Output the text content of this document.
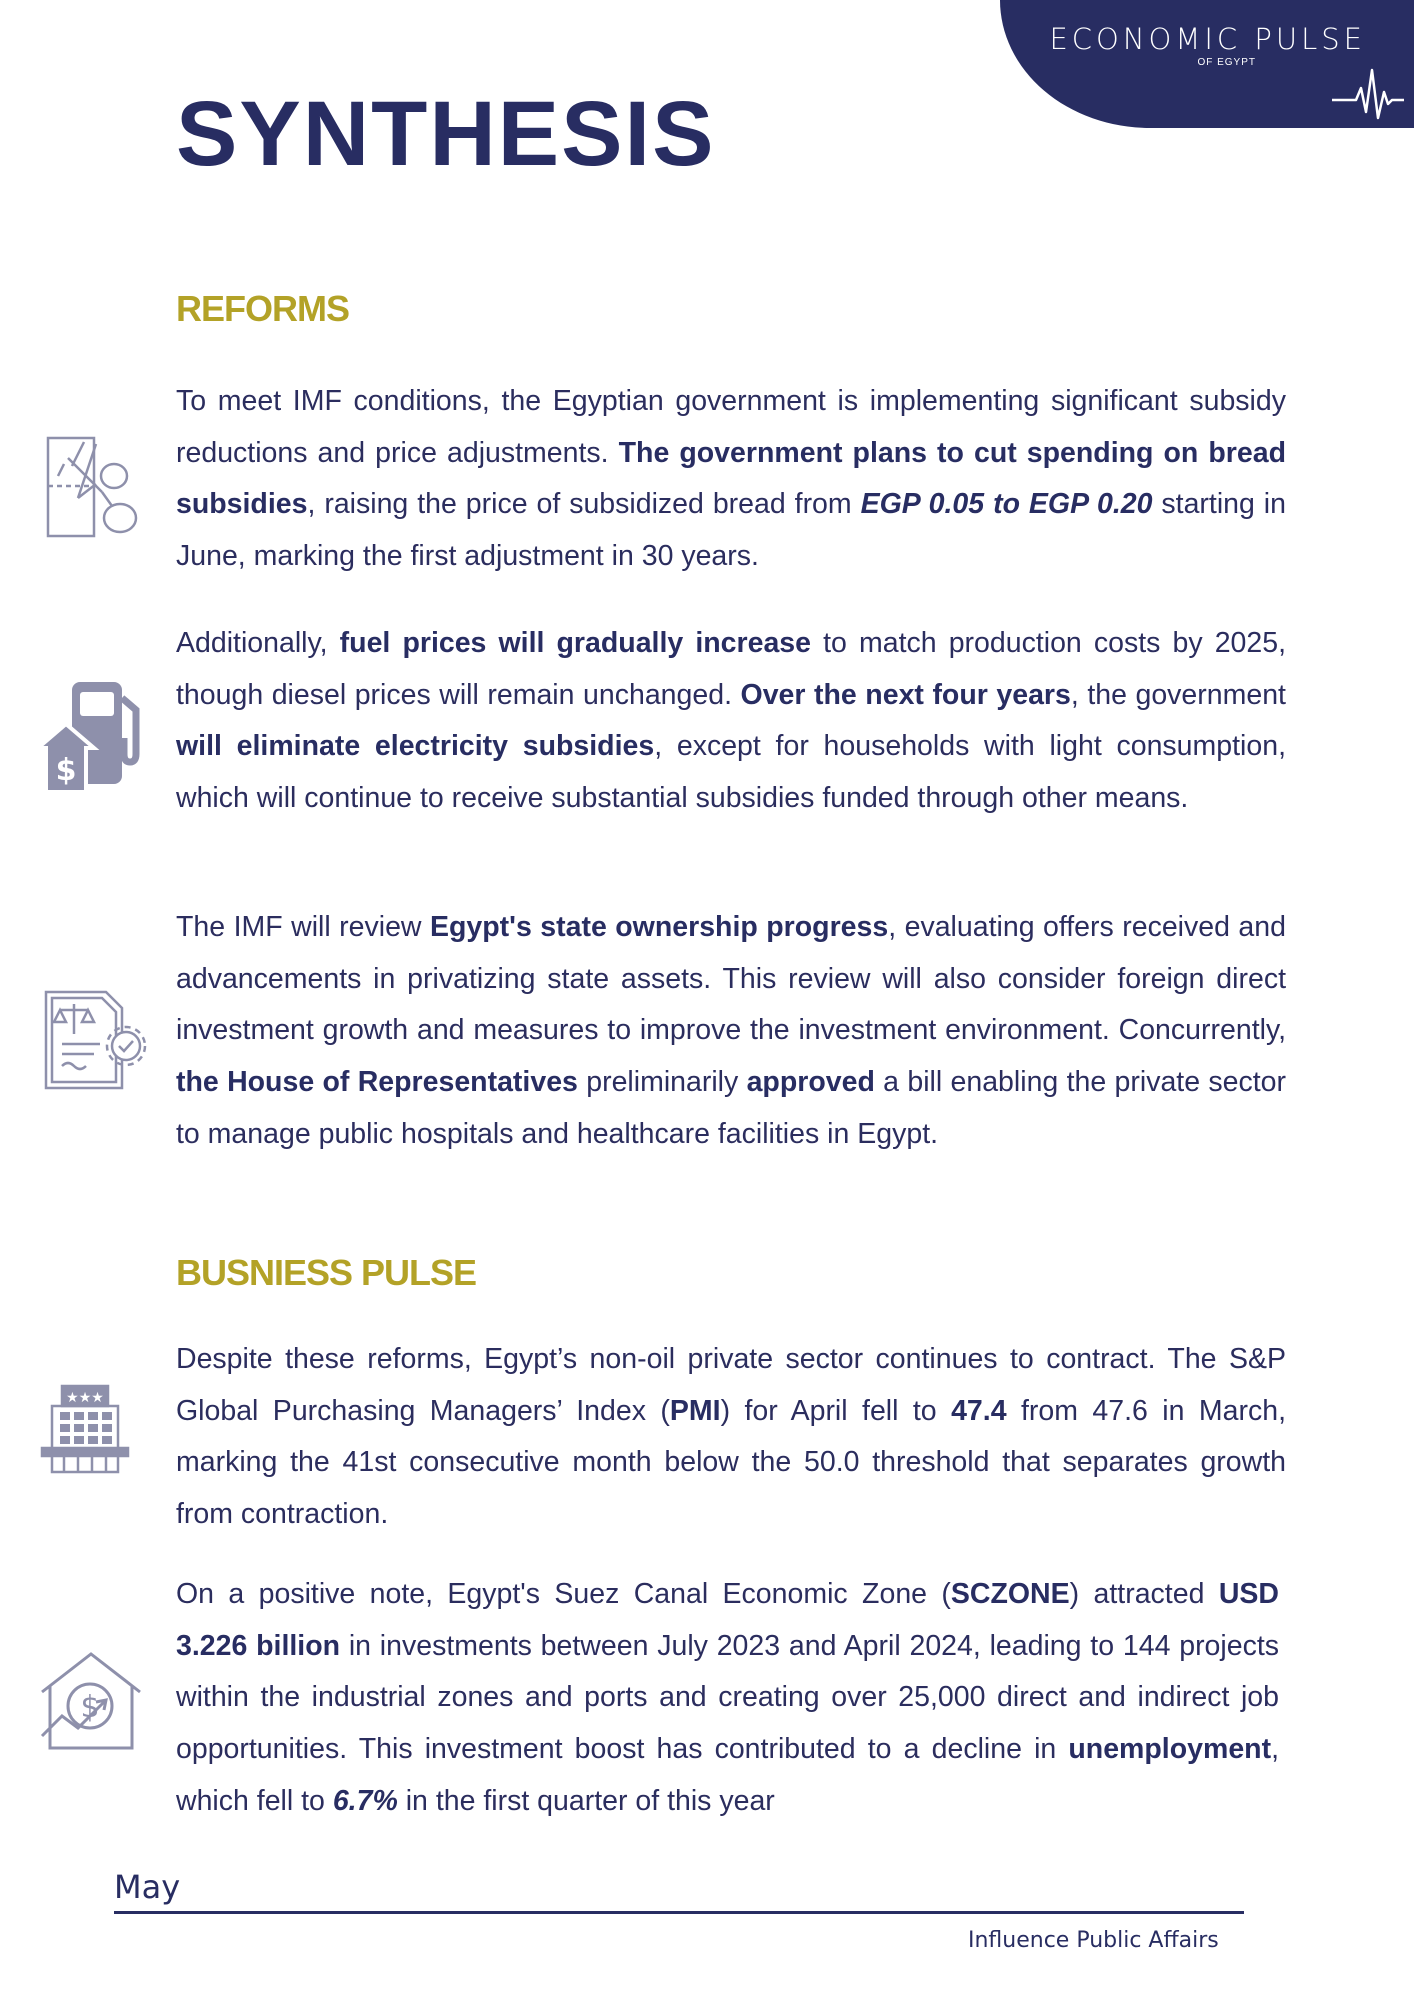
ECONOMIC PULSE
OF EGYPT
SYNTHESIS
REFORMS

To meet IMF conditions, the Egyptian government is implementing significant subsidy reductions and price adjustments. The government plans to cut spending on bread subsidies, raising the price of subsidized bread from EGP 0.05 to EGP 0.20 starting in June, marking the first adjustment in 30 years.

Additionally, fuel prices will gradually increase to match production costs by 2025, though diesel prices will remain unchanged. Over the next four years, the government will eliminate electricity subsidies, except for households with light consumption, which will continue to receive substantial subsidies funded through other means.

The IMF will review Egypt's state ownership progress, evaluating offers received and advancements in privatizing state assets. This review will also consider foreign direct investment growth and measures to improve the investment environment. Concurrently, the House of Representatives preliminarily approved a bill enabling the private sector to manage public hospitals and healthcare facilities in Egypt.

BUSNIESS PULSE

Despite these reforms, Egypt’s non-oil private sector continues to contract. The S&P Global Purchasing Managers’ Index (PMI) for April fell to 47.4 from 47.6 in March, marking the 41st consecutive month below the 50.0 threshold that separates growth from contraction.

On a positive note, Egypt's Suez Canal Economic Zone (SCZONE) attracted USD 3.226 billion in investments between July 2023 and April 2024, leading to 144 projects within the industrial zones and ports and creating over 25,000 direct and indirect job opportunities. This investment boost has contributed to a decline in unemployment, which fell to 6.7% in the first quarter of this year

$
★★★
$
May
Influence Public Affairs
